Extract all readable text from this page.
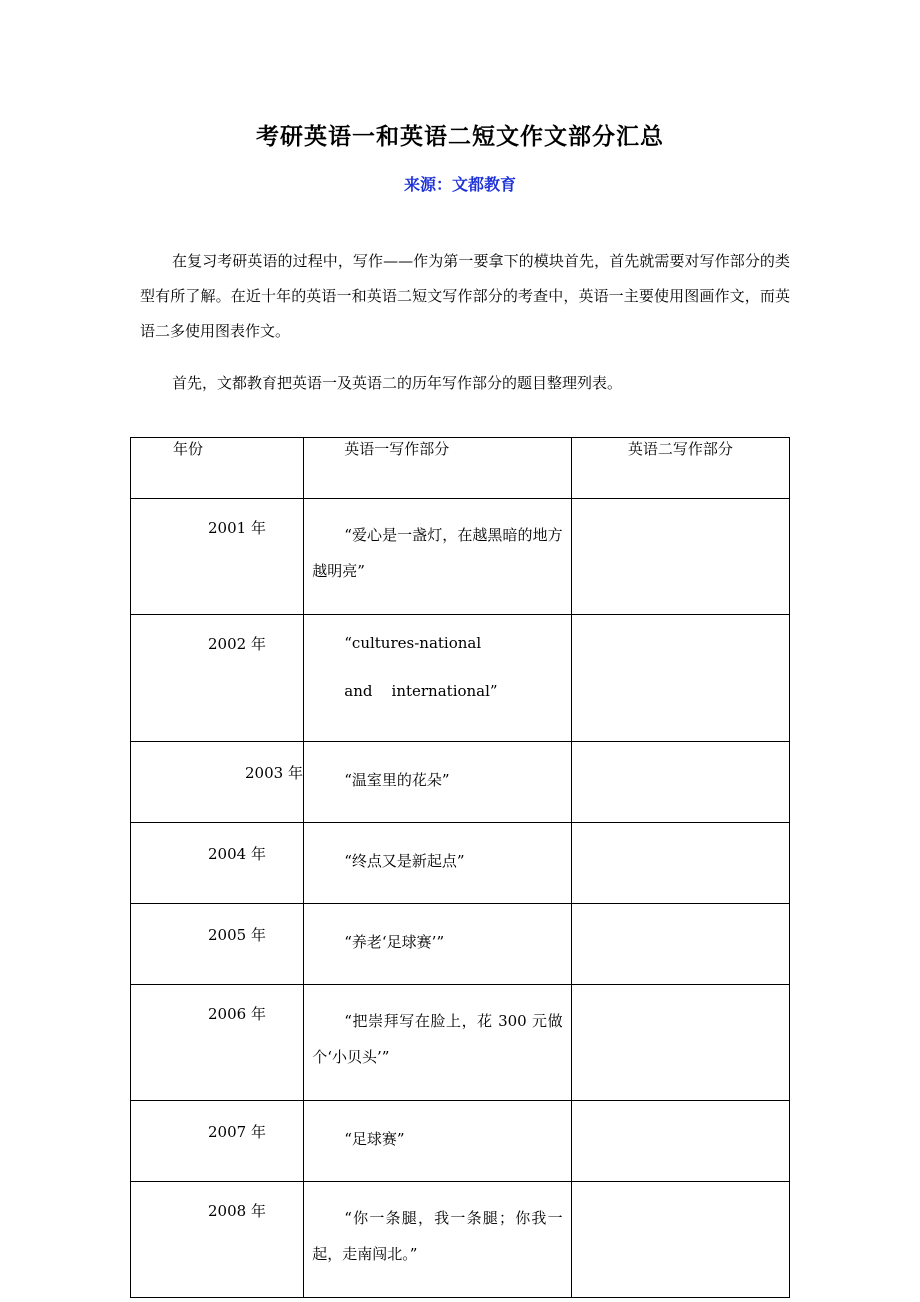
考研英语一和英语二短文作文部分汇总
来源：文都教育

在复习考研英语的过程中，写作——作为第一要拿下的模块首先，首先就需要对写作部分的类型有所了解。在近十年的英语一和英语二短文写作部分的考查中，英语一主要使用图画作文，而英语二多使用图表作文。

首先，文都教育把英语一及英语二的历年写作部分的题目整理列表。

年份	英语一写作部分	英语二写作部分
2001 年	“爱心是一盏灯，在越黑暗的地方越明亮”	
2002 年	“cultures-national
and    international”	

2003 年	“温室里的花朵”	
2004 年	“终点又是新起点”	
2005 年	“养老‘足球赛’”	
2006 年	“把崇拜写在脸上，花 300 元做个‘小贝头’”	
2007 年	“足球赛”	
2008 年	“你一条腿，我一条腿；你我一起，走南闯北。”	
